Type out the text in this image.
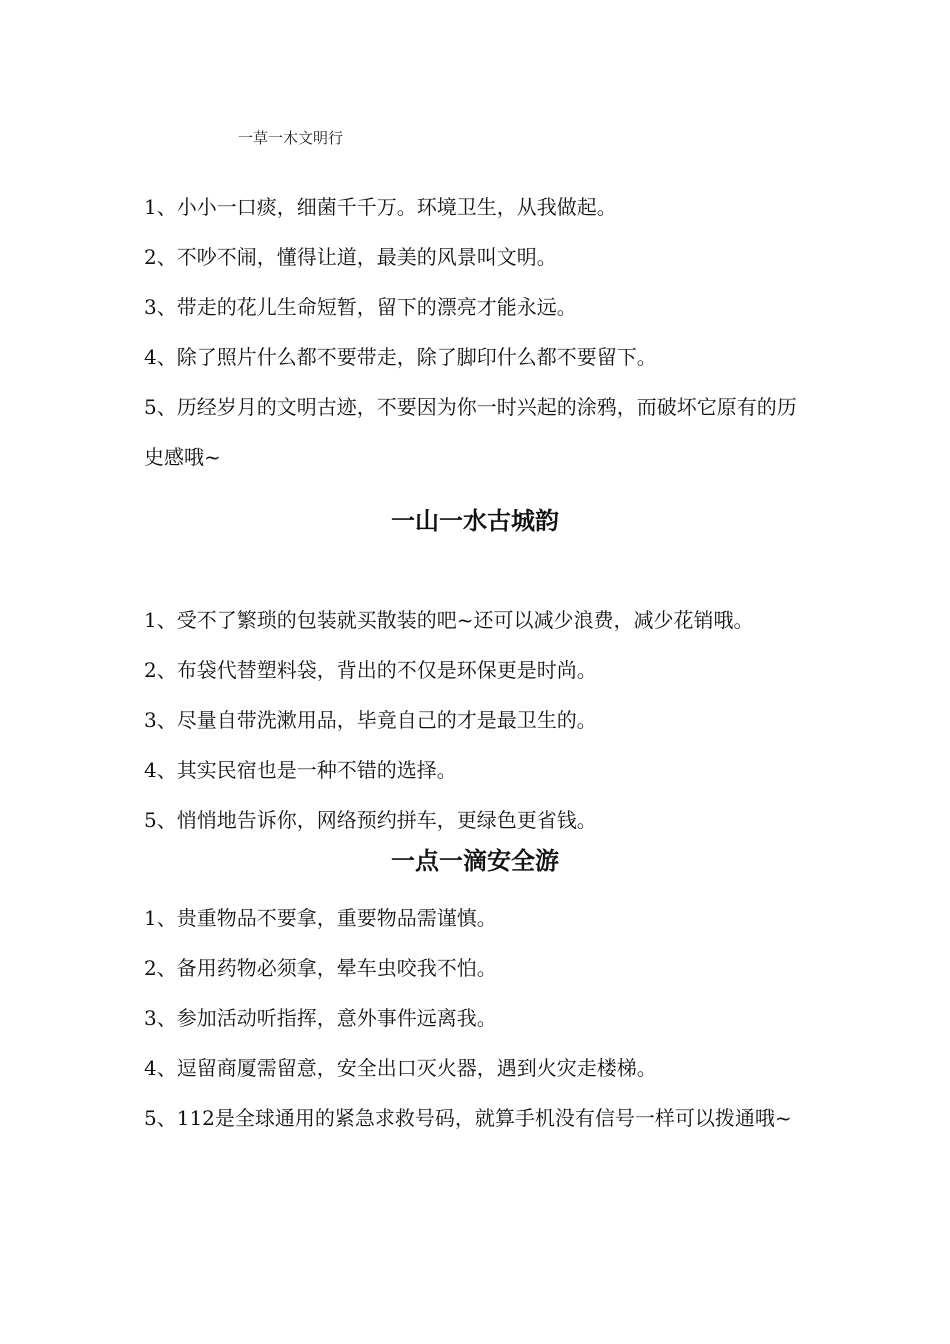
一草一木文明行
1、小小一口痰，细菌千千万。环境卫生，从我做起。
2、不吵不闹，懂得让道，最美的风景叫文明。
3、带走的花儿生命短暂，留下的漂亮才能永远。
4、除了照片什么都不要带走，除了脚印什么都不要留下。
5、历经岁月的文明古迹，不要因为你一时兴起的涂鸦，而破坏它原有的历史感哦~
一山一水古城韵
1、受不了繁琐的包装就买散装的吧~还可以减少浪费，减少花销哦。
2、布袋代替塑料袋，背出的不仅是环保更是时尚。
3、尽量自带洗漱用品，毕竟自己的才是最卫生的。
4、其实民宿也是一种不错的选择。
5、悄悄地告诉你，网络预约拼车，更绿色更省钱。
一点一滴安全游
1、贵重物品不要拿，重要物品需谨慎。
2、备用药物必须拿，晕车虫咬我不怕。
3、参加活动听指挥，意外事件远离我。
4、逗留商厦需留意，安全出口灭火器，遇到火灾走楼梯。
5、112是全球通用的紧急求救号码，就算手机没有信号一样可以拨通哦~
